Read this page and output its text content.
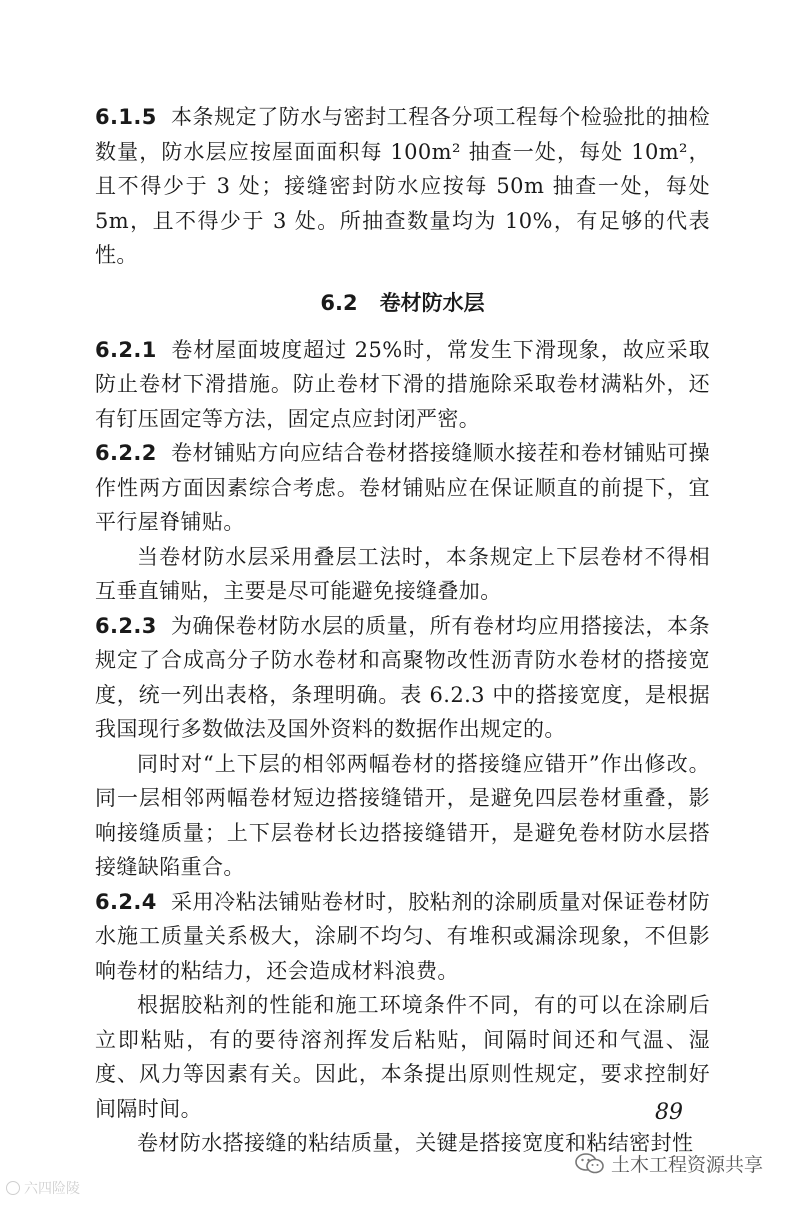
6.1.5 本条规定了防水与密封工程各分项工程每个检验批的抽检数量，防水层应按屋面面积每 100m² 抽查一处，每处 10m²，且不得少于 3 处；接缝密封防水应按每 50m 抽查一处，每处 5m，且不得少于 3 处。所抽查数量均为 10%，有足够的代表性。

6.2 卷材防水层

6.2.1 卷材屋面坡度超过 25%时，常发生下滑现象，故应采取防止卷材下滑措施。防止卷材下滑的措施除采取卷材满粘外，还有钉压固定等方法，固定点应封闭严密。

6.2.2 卷材铺贴方向应结合卷材搭接缝顺水接茬和卷材铺贴可操作性两方面因素综合考虑。卷材铺贴应在保证顺直的前提下，宜平行屋脊铺贴。

当卷材防水层采用叠层工法时，本条规定上下层卷材不得相互垂直铺贴，主要是尽可能避免接缝叠加。

6.2.3 为确保卷材防水层的质量，所有卷材均应用搭接法，本条规定了合成高分子防水卷材和高聚物改性沥青防水卷材的搭接宽度，统一列出表格，条理明确。表 6.2.3 中的搭接宽度，是根据我国现行多数做法及国外资料的数据作出规定的。

同时对“上下层的相邻两幅卷材的搭接缝应错开”作出修改。同一层相邻两幅卷材短边搭接缝错开，是避免四层卷材重叠，影响接缝质量；上下层卷材长边搭接缝错开，是避免卷材防水层搭接缝缺陷重合。

6.2.4 采用冷粘法铺贴卷材时，胶粘剂的涂刷质量对保证卷材防水施工质量关系极大，涂刷不均匀、有堆积或漏涂现象，不但影响卷材的粘结力，还会造成材料浪费。

根据胶粘剂的性能和施工环境条件不同，有的可以在涂刷后立即粘贴，有的要待溶剂挥发后粘贴，间隔时间还和气温、湿度、风力等因素有关。因此，本条提出原则性规定，要求控制好间隔时间。

卷材防水搭接缝的粘结质量，关键是搭接宽度和粘结密封性

89
六四险陵
土木工程资源共享
